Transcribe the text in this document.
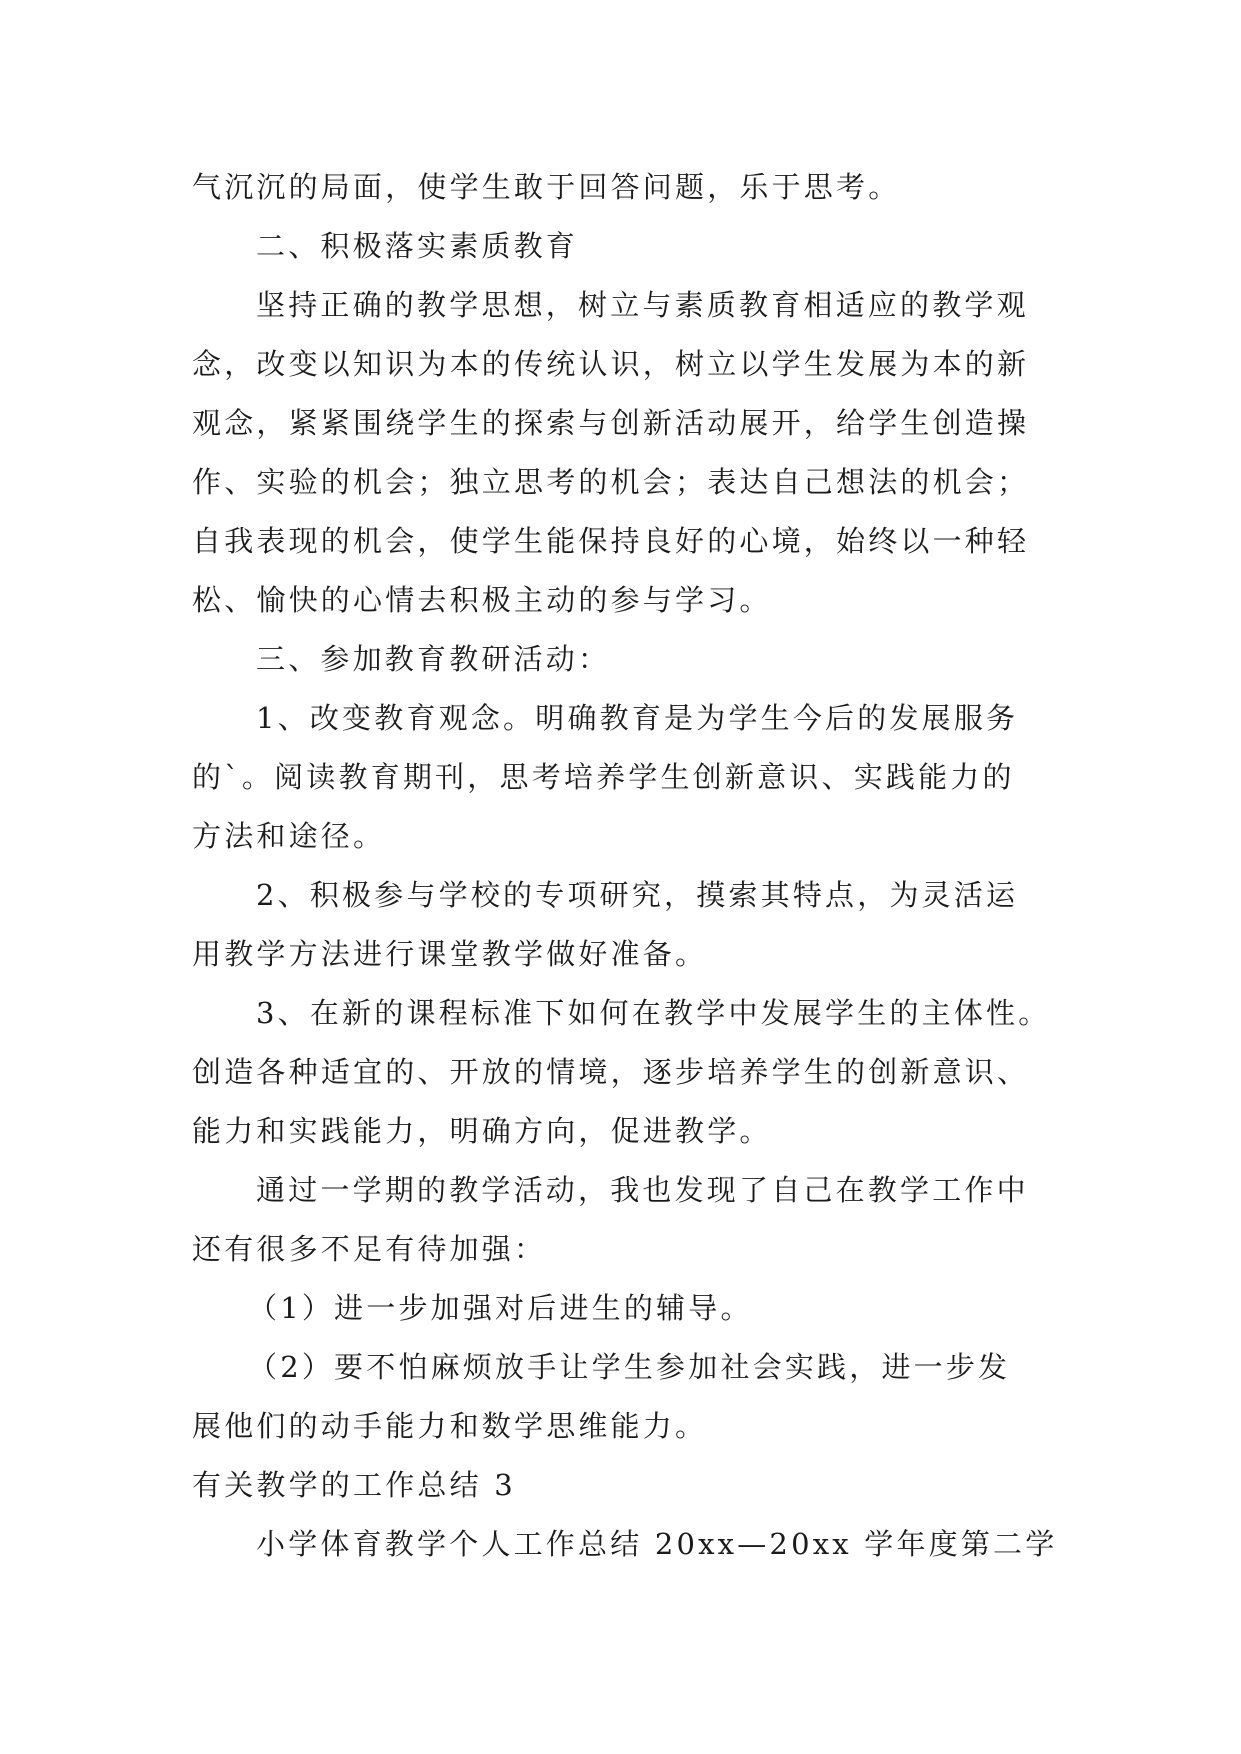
气沉沉的局面，使学生敢于回答问题，乐于思考。
二、积极落实素质教育
坚持正确的教学思想，树立与素质教育相适应的教学观
念，改变以知识为本的传统认识，树立以学生发展为本的新
观念，紧紧围绕学生的探索与创新活动展开，给学生创造操
作、实验的机会；独立思考的机会；表达自己想法的机会；
自我表现的机会，使学生能保持良好的心境，始终以一种轻
松、愉快的心情去积极主动的参与学习。
三、参加教育教研活动：
1、改变教育观念。明确教育是为学生今后的发展服务
的`。阅读教育期刊，思考培养学生创新意识、实践能力的
方法和途径。
2、积极参与学校的专项研究，摸索其特点，为灵活运
用教学方法进行课堂教学做好准备。
3、在新的课程标准下如何在教学中发展学生的主体性。
创造各种适宜的、开放的情境，逐步培养学生的创新意识、
能力和实践能力，明确方向，促进教学。
通过一学期的教学活动，我也发现了自己在教学工作中
还有很多不足有待加强：
（1）进一步加强对后进生的辅导。
（2）要不怕麻烦放手让学生参加社会实践，进一步发
展他们的动手能力和数学思维能力。
有关教学的工作总结 3
小学体育教学个人工作总结 20xx—20xx 学年度第二学
